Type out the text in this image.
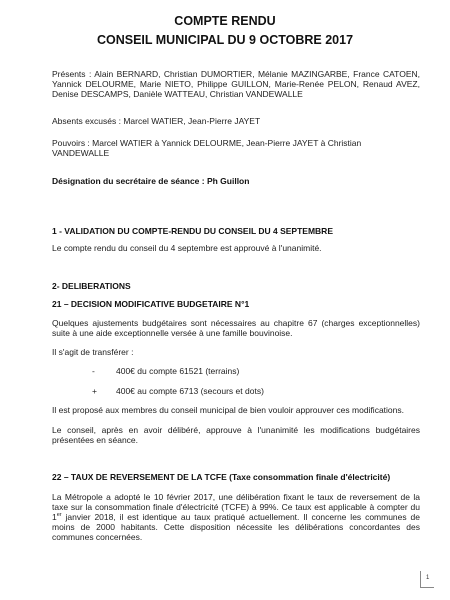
COMPTE RENDU
CONSEIL MUNICIPAL DU 9 OCTOBRE 2017

Présents : Alain BERNARD, Christian DUMORTIER, Mélanie MAZINGARBE, France CATOEN, Yannick DELOURME, Marie NIETO, Philippe GUILLON, Marie-Renée PELON, Renaud AVEZ, Denise DESCAMPS, Danièle WATTEAU, Christian VANDEWALLE

Absents excusés : Marcel WATIER, Jean-Pierre JAYET

Pouvoirs : Marcel WATIER à Yannick DELOURME, Jean-Pierre JAYET à Christian VANDEWALLE

Désignation du secrétaire de séance : Ph Guillon

1 - VALIDATION DU COMPTE-RENDU DU CONSEIL DU 4 SEPTEMBRE

Le compte rendu du conseil du 4 septembre est approuvé à l'unanimité.

2- DELIBERATIONS

21 – DECISION MODIFICATIVE BUDGETAIRE N°1

Quelques ajustements budgétaires sont nécessaires au chapitre 67 (charges exceptionnelles) suite à une aide exceptionnelle versée à une famille bouvinoise.

Il s'agit de transférer :

- 400€ du compte 61521 (terrains)
+ 400€ au compte 6713 (secours et dots)

Il est proposé aux membres du conseil municipal de bien vouloir approuver ces modifications.

Le conseil, après en avoir délibéré, approuve à l'unanimité les modifications budgétaires présentées en séance.

22 – TAUX DE REVERSEMENT DE LA TCFE (Taxe consommation finale d'électricité)

La Métropole a adopté le 10 février 2017, une délibération fixant le taux de reversement de la taxe sur la consommation finale d'électricité (TCFE) à 99%. Ce taux est applicable à compter du 1er janvier 2018, il est identique au taux pratiqué actuellement. Il concerne les communes de moins de 2000 habitants. Cette disposition nécessite les délibérations concordantes des communes concernées.

1
